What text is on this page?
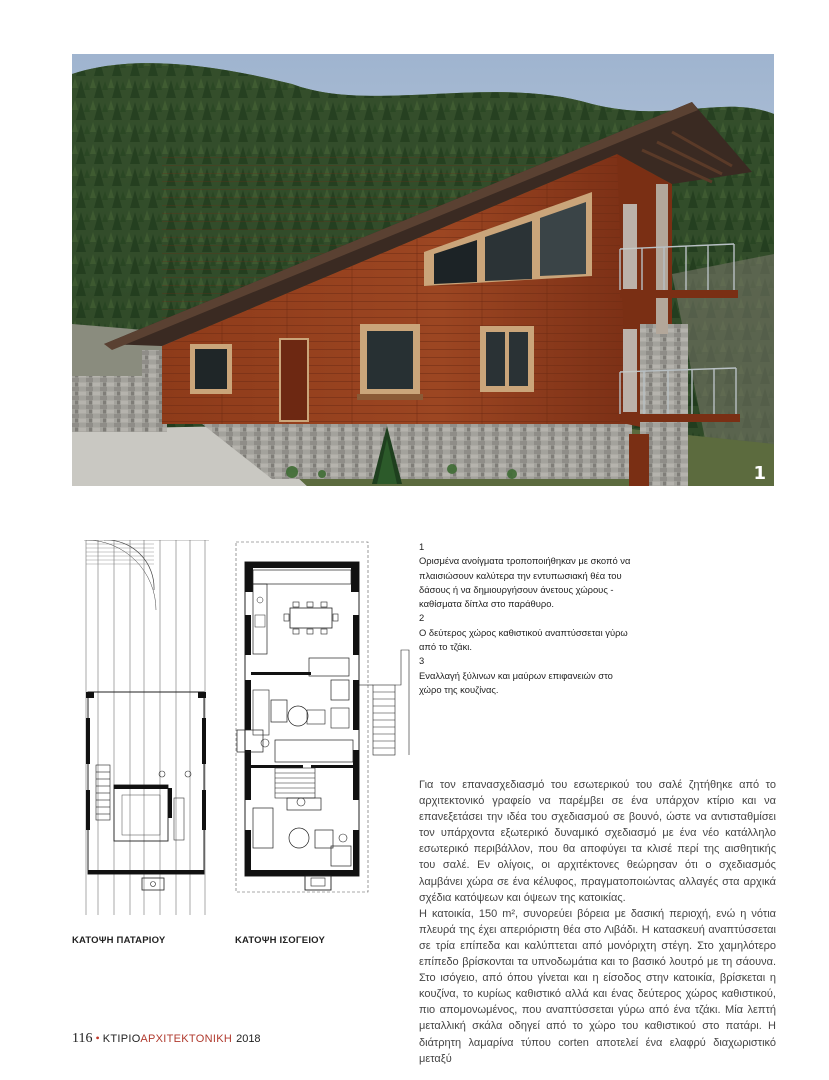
1
ΚΑΤΟΨΗ ΠΑΤΑΡΙΟΥ	ΚΑΤΟΨΗ ΙΣΟΓΕΙΟΥ
1
Ορισμένα ανοίγματα τροποποιήθηκαν με σκοπό να πλαισιώσουν καλύτερα την εντυπωσιακή θέα του δάσους ή να δημιουργήσουν άνετους χώρους - καθίσματα δίπλα στο παράθυρο.
2
Ο δεύτερος χώρος καθιστικού αναπτύσσεται γύρω από το τζάκι.
3
Εναλλαγή ξύλινων και μαύρων επιφανειών στο χώρο της κουζίνας.

Για τον επανασχεδιασμό του εσωτερικού του σαλέ ζητήθηκε από το αρχιτεκτονικό γραφείο να παρέμβει σε ένα υπάρχον κτίριο και να επανεξετάσει την ιδέα του σχεδιασμού σε βουνό, ώστε να αντισταθμίσει τον υπάρχοντα εξωτερικό δυναμικό σχεδιασμό με ένα νέο κατάλληλο εσωτερικό περιβάλλον, που θα αποφύγει τα κλισέ περί της αισθητικής του σαλέ. Εν ολίγοις, οι αρχιτέκτονες θεώρησαν ότι ο σχεδιασμός λαμβάνει χώρα σε ένα κέλυφος, πραγματοποιώντας αλλαγές στα αρχικά σχέδια κατόψεων και όψεων της κατοικίας.

Η κατοικία, 150 m², συνορεύει βόρεια με δασική περιοχή, ενώ η νότια πλευρά της έχει απεριόριστη θέα στο Λιβάδι. Η κατασκευή αναπτύσσεται σε τρία επίπεδα και καλύπτεται από μονόριχτη στέγη. Στο χαμηλότερο επίπεδο βρίσκονται τα υπνοδωμάτια και το βασικό λουτρό με τη σάουνα. Στο ισόγειο, από όπου γίνεται και η είσοδος στην κατοικία, βρίσκεται η κουζίνα, το κυρίως καθιστικό αλλά και ένας δεύτερος χώρος καθιστικού, πιο απομονωμένος, που αναπτύσσεται γύρω από ένα τζάκι. Μία λεπτή μεταλλική σκάλα οδηγεί από το χώρο του καθιστικού στο πατάρι. Η διάτρητη λαμαρίνα τύπου corten αποτελεί ένα ελαφρύ διαχωριστικό μεταξύ

116 • ΚΤΙΡΙΟΑΡΧΙΤΕΚΤΟΝΙΚΗ 2018
